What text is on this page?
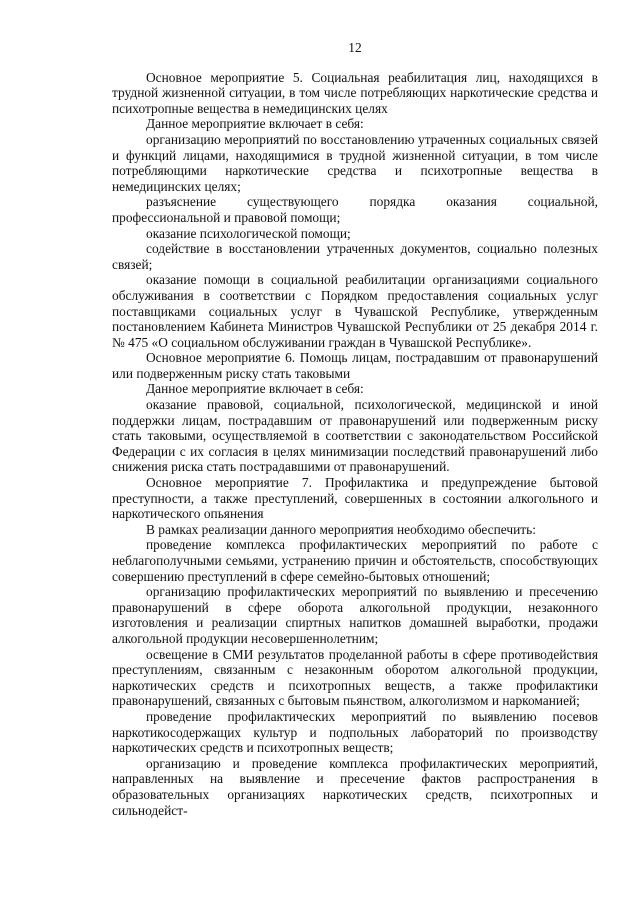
12

Основное мероприятие 5. Социальная реабилитация лиц, находящихся в трудной жизненной ситуации, в том числе потребляющих наркотические средства и психотропные вещества в немедицинских целях

Данное мероприятие включает в себя:

организацию мероприятий по восстановлению утраченных социальных связей и функций лицами, находящимися в трудной жизненной ситуации, в том числе потребляющими наркотические средства и психотропные вещества в немедицинских целях;

разъяснение существующего порядка оказания социальной, профессиональной и правовой помощи;

оказание психологической помощи;

содействие в восстановлении утраченных документов, социально полезных связей;

оказание помощи в социальной реабилитации организациями социального обслуживания в соответствии с Порядком предоставления социальных услуг поставщиками социальных услуг в Чувашской Республике, утвержденным постановлением Кабинета Министров Чувашской Республики от 25 декабря 2014 г. № 475 «О социальном обслуживании граждан в Чувашской Республике».

Основное мероприятие 6. Помощь лицам, пострадавшим от правонарушений или подверженным риску стать таковыми

Данное мероприятие включает в себя:

оказание правовой, социальной, психологической, медицинской и иной поддержки лицам, пострадавшим от правонарушений или подверженным риску стать таковыми, осуществляемой в соответствии с законодательством Российской Федерации с их согласия в целях минимизации последствий правонарушений либо снижения риска стать пострадавшими от правонарушений.

Основное мероприятие 7. Профилактика и предупреждение бытовой преступности, а также преступлений, совершенных в состоянии алкогольного и наркотического опьянения

В рамках реализации данного мероприятия необходимо обеспечить:

проведение комплекса профилактических мероприятий по работе с неблагополучными семьями, устранению причин и обстоятельств, способствующих совершению преступлений в сфере семейно-бытовых отношений;

организацию профилактических мероприятий по выявлению и пресечению правонарушений в сфере оборота алкогольной продукции, незаконного изготовления и реализации спиртных напитков домашней выработки, продажи алкогольной продукции несовершеннолетним;

освещение в СМИ результатов проделанной работы в сфере противодействия преступлениям, связанным с незаконным оборотом алкогольной продукции, наркотических средств и психотропных веществ, а также профилактики правонарушений, связанных с бытовым пьянством, алкоголизмом и наркоманией;

проведение профилактических мероприятий по выявлению посевов наркотикосодержащих культур и подпольных лабораторий по производству наркотических средств и психотропных веществ;

организацию и проведение комплекса профилактических мероприятий, направленных на выявление и пресечение фактов распространения в образовательных организациях наркотических средств, психотропных и сильнодейст-
